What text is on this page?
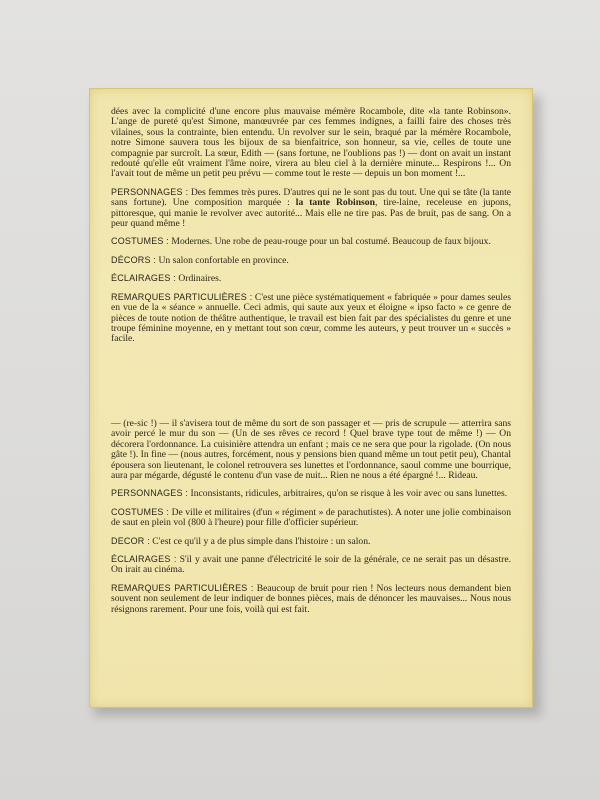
dées avec la complicité d'une encore plus mauvaise mémère Rocambole, dite «la tante Robinson». L'ange de pureté qu'est Simone, manœuvrée par ces femmes indignes, a failli faire des choses très vilaines, sous la contrainte, bien entendu. Un revolver sur le sein, braqué par la mémère Rocambole, notre Simone sauvera tous les bijoux de sa bienfaitrice, son honneur, sa vie, celles de toute une compagnie par surcroît. La sœur, Edith — (sans fortune, ne l'oublions pas !) — dont on avait un instant redouté qu'elle eût vraiment l'âme noire, virera au bleu ciel à la dernière minute... Respirons !... On l'avait tout de même un petit peu prévu — comme tout le reste — depuis un bon moment !...

PERSONNAGES : Des femmes très pures. D'autres qui ne le sont pas du tout. Une qui se tâte (la tante sans fortune). Une composition marquée : la tante Robinson, tire-laine, receleuse en jupons, pittoresque, qui manie le revolver avec autorité... Mais elle ne tire pas. Pas de bruit, pas de sang. On a peur quand même !

COSTUMES : Modernes. Une robe de peau-rouge pour un bal costumé. Beaucoup de faux bijoux.

DÉCORS : Un salon confortable en province.

ÉCLAIRAGES : Ordinaires.

REMARQUES PARTICULIÈRES : C'est une pièce systématiquement « fabriquée » pour dames seules en vue de la « séance » annuelle. Ceci admis, qui saute aux yeux et éloigne « ipso facto » ce genre de pièces de toute notion de théâtre authentique, le travail est bien fait par des spécialistes du genre et une troupe féminine moyenne, en y mettant tout son cœur, comme les auteurs, y peut trouver un « succès » facile.

— (re-sic !) — il s'avisera tout de même du sort de son passager et — pris de scrupule — atterrira sans avoir percé le mur du son — (Un de ses rêves ce record ! Quel brave type tout de même !) — On décorera l'ordonnance. La cuisinière attendra un enfant ; mais ce ne sera que pour la rigolade. (On nous gâte !). In fine — (nous autres, forcément, nous y pensions bien quand même un tout petit peu), Chantal épousera son lieutenant, le colonel retrouvera ses lunettes et l'ordonnance, saoul comme une bourrique, aura par mégarde, dégusté le contenu d'un vase de nuit... Rien ne nous a été épargné !... Rideau.

PERSONNAGES : Inconsistants, ridicules, arbitraires, qu'on se risque à les voir avec ou sans lunettes.

COSTUMES : De ville et militaires (d'un « régiment » de parachutistes). A noter une jolie combinaison de saut en plein vol (800 à l'heure) pour fille d'officier supérieur.

DECOR : C'est ce qu'il y a de plus simple dans l'histoire : un salon.

ÉCLAIRAGES : S'il y avait une panne d'électricité le soir de la générale, ce ne serait pas un désastre. On irait au cinéma.

REMARQUES PARTICULIÈRES : Beaucoup de bruit pour rien ! Nos lecteurs nous demandent bien souvent non seulement de leur indiquer de bonnes pièces, mais de dénoncer les mauvaises... Nous nous résignons rarement. Pour une fois, voilà qui est fait.
